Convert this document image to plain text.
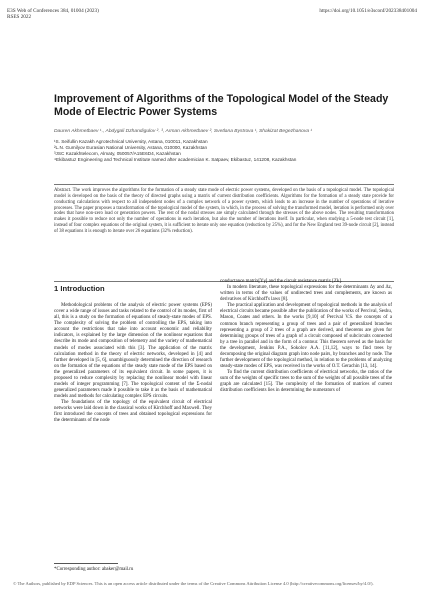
E3S Web of Conferences 384, 01004 (2023)
RSES 2022
https://doi.org/10.1051/e3sconf/202338401004
Improvement of Algorithms of the Topological Model of the Steady Mode of Electric Power Systems
Dauren Akhmetbaev ¹˒, Abdygali Dzhandigulov ²˒ ³, Arman Akhmetbaev ², Svetlana Bystrova ¹, Shakizat Begezhanova ¹
¹S. Seifullin Kazakh Agrotechnical University, Astana, 010011, Kazakhstan
²L.N. Gumilyov Eurasian National University, Astana, 010000, Kazakhstan
³JSC Kazakhtelecom, Almaty, 050057/A15E6D4, Kazakhstan
⁴Ekibastuz Engineering and Technical Institute named after academician K. Satpaev, Ekibastuz, 141208, Kazakhstan
Abstract. The work improves the algorithms for the formation of a steady state mode of electric power systems, developed on the basis of a topological model. The topological model is developed on the basis of the theory of directed graphs using a matrix of current distribution coefficients. Algorithms for the formation of a steady state provide for conducting calculations with respect to all independent nodes of a complex network of a power system, which leads to an increase in the number of operations of iterative processes. The paper proposes a transformation of the topological model of the system, in which, in the process of solving the transformed model, iteration is performed only over nodes that have non-zero load or generation powers. The rest of the nodal stresses are simply calculated through the stresses of the above nodes. The resulting transformation makes it possible to reduce not only the number of operations in each iteration, but also the number of iterations itself. In particular, when studying a 5-node test circuit [1], instead of four complex equations of the original system, it is sufficient to iterate only one equation (reduction by 25%), and for the New England test 39-node circuit [2], instead of 38 equations it is enough to iterate over 26 equations (32% reduction).
1 Introduction

Methodological problems of the analysis of electric power systems (EPS) cover a wide range of issues and tasks related to the control of its modes, first of all, this is a study on the formation of equations of steady-state modes of EPS. The complexity of solving the problem of controlling the EPS, taking into account the restrictions that take into account economic and reliability indicators, is explained by the large dimension of the nonlinear equations that describe its mode and composition of telemetry and the variety of mathematical models of modes associated with this [3]. The application of the matrix calculation method in the theory of electric networks, developed in [4] and further developed in [5, 6], unambiguously determined the direction of research on the formation of the equations of the steady state mode of the EPS based on the generalized parameters of its equivalent circuit. In some papers, it is proposed to reduce complexity by replacing the nonlinear model with linear models of integer programming [7]. The topological content of the Σ-nodal generalized parameters made it possible to take it as the basis of mathematical models and methods for calculating complex EPS circuits.

The foundations of the topology of the equivalent circuit of electrical networks were laid down in the classical works of Kirchhoff and Maxwell. They first introduced the concepts of trees and obtained topological expressions for the determinants of the node

conductance matrix[Yγ] and the circuit resistance matrix [Zk].

In modern literature, these topological expressions for the determinants Δy and Δz, written in terms of the values of undirected trees and complements, are known as derivatives of Kirchhoff's laws [8].

The practical application and development of topological methods in the analysis of electrical circuits became possible after the publication of the works of Percival, Seshu, Mason, Coates and others. In the works [9,10] of Percival V.S. the concepts of a common branch representing a group of trees and a pair of generalized branches representing a group of 2 trees of a graph are derived, and theorems are given for determining groups of trees of a graph of a circuit composed of subcircuits connected by a tree in parallel and in the form of a contour. This theorem served as the basis for the development, Jenkins P.A., Sokolov A.A. [11,12], ways to find trees by decomposing the original diagram graph into node pairs, by branches and by node. The further development of the topological method, in relation to the problems of analyzing steady-state modes of EPS, was received in the works of O.T. Gerachin [13, 14].

To find the current distribution coefficients of electrical networks, the ratios of the sum of the weights of specific trees to the sum of the weights of all possible trees of the graph are calculated [15]. The complexity of the formation of matrices of current distribution coefficients lies in determining the numerators of

*Corresponding author: abaker@mail.ru
© The Authors, published by EDP Sciences. This is an open access article distributed under the terms of the Creative Commons Attribution License 4.0 (http://creativecommons.org/licenses/by/4.0/).
